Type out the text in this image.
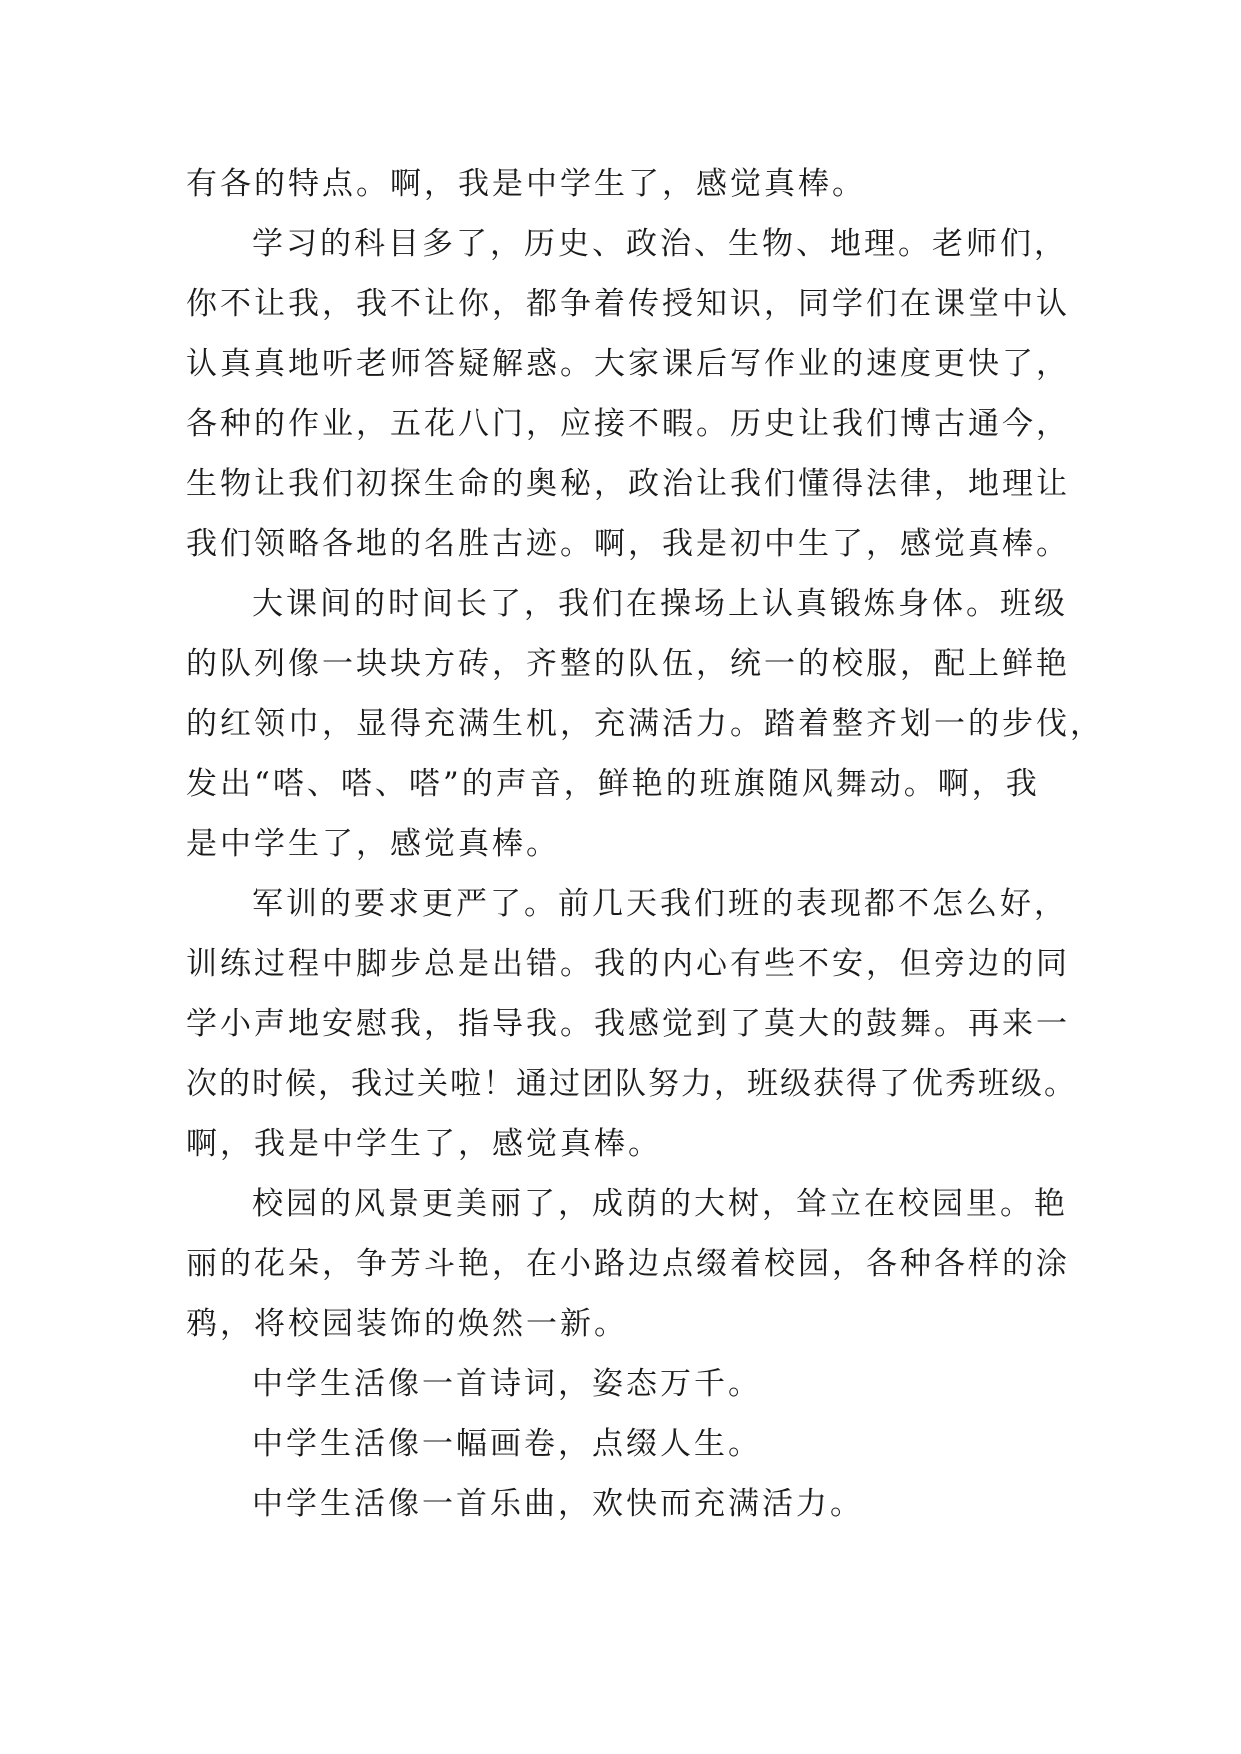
有各的特点。啊，我是中学生了，感觉真棒。
学习的科目多了，历史、政治、生物、地理。老师们，
你不让我，我不让你，都争着传授知识，同学们在课堂中认
认真真地听老师答疑解惑。大家课后写作业的速度更快了，
各种的作业，五花八门，应接不暇。历史让我们博古通今，
生物让我们初探生命的奥秘，政治让我们懂得法律，地理让
我们领略各地的名胜古迹。啊，我是初中生了，感觉真棒。
大课间的时间长了，我们在操场上认真锻炼身体。班级
的队列像一块块方砖，齐整的队伍，统一的校服，配上鲜艳
的红领巾，显得充满生机，充满活力。踏着整齐划一的步伐，
发出“嗒、嗒、嗒”的声音，鲜艳的班旗随风舞动。啊，我
是中学生了，感觉真棒。
军训的要求更严了。前几天我们班的表现都不怎么好，
训练过程中脚步总是出错。我的内心有些不安，但旁边的同
学小声地安慰我，指导我。我感觉到了莫大的鼓舞。再来一
次的时候，我过关啦！通过团队努力，班级获得了优秀班级。
啊，我是中学生了，感觉真棒。
校园的风景更美丽了，成荫的大树，耸立在校园里。艳
丽的花朵，争芳斗艳，在小路边点缀着校园，各种各样的涂
鸦，将校园装饰的焕然一新。
中学生活像一首诗词，姿态万千。
中学生活像一幅画卷，点缀人生。
中学生活像一首乐曲，欢快而充满活力。
